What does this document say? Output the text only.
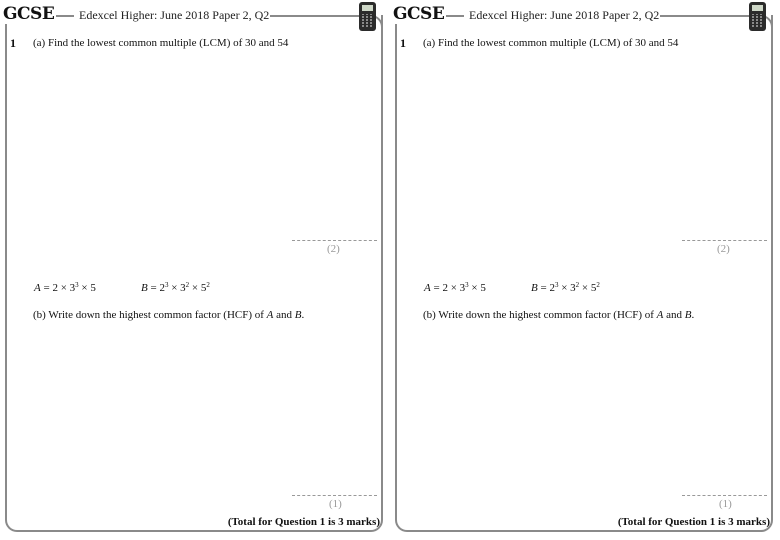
GCSE Edexcel Higher: June 2018 Paper 2, Q2
1 (a) Find the lowest common multiple (LCM) of 30 and 54
(2)
$A = 2 \times 3^3 \times 5$	$B = 2^3 \times 3^2 \times 5^2$
(b) Write down the highest common factor (HCF) of A and B.
(1)
(Total for Question 1 is 3 marks)
GCSE Edexcel Higher: June 2018 Paper 2, Q2
1 (a) Find the lowest common multiple (LCM) of 30 and 54
(2)
$A = 2 \times 3^3 \times 5$	$B = 2^3 \times 3^2 \times 5^2$
(b) Write down the highest common factor (HCF) of A and B.
(1)
(Total for Question 1 is 3 marks)
